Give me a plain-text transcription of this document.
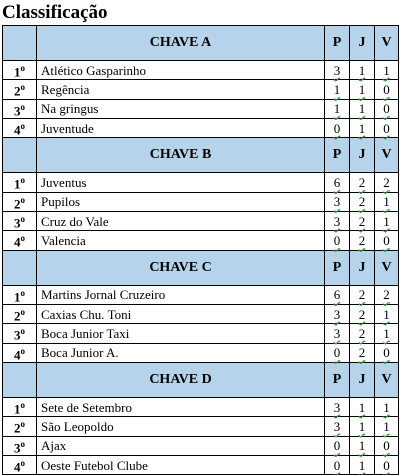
Classificação
	CHAVE A	P	J	V
1$^o$	Atlético Gasparinho	3	1	1
2$^o$	Regência	1	1	0
3$^o$	Na gringus	1	1	0
4$^o$	Juventude	0	1	0
	CHAVE B	P	J	V
1$^o$	Juventus	6	2	2
2$^o$	Pupilos	3	2	1
3$^o$	Cruz do Vale	3	2	1
4$^o$	Valencia	0	2	0
	CHAVE C	P	J	V
1$^o$	Martins Jornal Cruzeiro	6	2	2
2$^o$	Caxias Chu. Toni	3	2	1
3$^o$	Boca Junior Taxi	3	2	1
4$^o$	Boca Junior A.	0	2	0
	CHAVE D	P	J	V
1$^o$	Sete de Setembro	3	1	1
2$^o$	São Leopoldo	3	1	1
3$^o$	Ajax	0	1	0
4$^o$	Oeste Futebol Clube	0	1	0
